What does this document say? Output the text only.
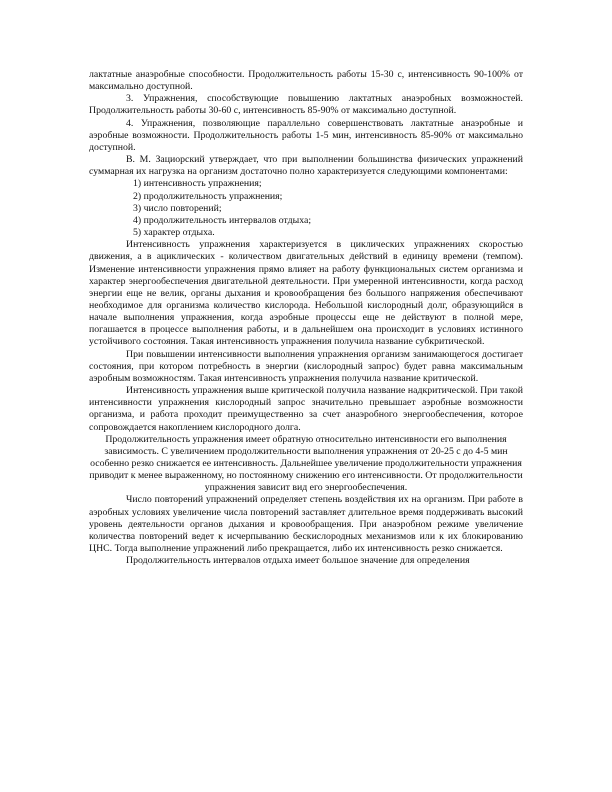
лактатные анаэробные способности. Продолжительность работы 15-30 с, интенсивность 90-100% от максимально доступной.

3. Упражнения, способствующие повышению лактатных анаэробных возможностей. Продолжительность работы 30-60 с, интенсивность 85-90% от максимально доступной.

4. Упражнения, позволяющие параллельно совершенствовать лактатные анаэробные и аэробные возможности. Продолжительность работы 1-5 мин, интенсивность 85-90% от максимально доступной.

В. М. Зациорский утверждает, что при выполнении большинства физических упражнений суммарная их нагрузка на организм достаточно полно характеризуется следующими компонентами:

1) интенсивность упражнения;

2) продолжительность упражнения;

3) число повторений;

4) продолжительность интервалов отдыха;

5) характер отдыха.

Интенсивность упражнения характеризуется в циклических упражнениях скоростью движения, а в ациклических - количеством двигательных действий в единицу времени (темпом). Изменение интенсивности упражнения прямо влияет на работу функциональных систем организма и характер энергообеспечения двигательной деятельности. При умеренной интенсивности, когда расход энергии еще не велик, органы дыхания и кровообращения без большого напряжения обеспечивают необходимое для организма количество кислорода. Небольшой кислородный долг, образующийся в начале выполнения упражнения, когда аэробные процессы еще не действуют в полной мере, погашается в процессе выполнения работы, и в дальнейшем она происходит в условиях истинного устойчивого состояния. Такая интенсивность упражнения получила название субкритической.

При повышении интенсивности выполнения упражнения организм занимающегося достигает состояния, при котором потребность в энергии (кислородный запрос) будет равна максимальным аэробным возможностям. Такая интенсивность упражнения получила название критической.

Интенсивность упражнения выше критической получила название надкритической. При такой интенсивности упражнения кислородный запрос значительно превышает аэробные возможности организма, и работа проходит преимущественно за счет анаэробного энергообеспечения, которое сопровождается накоплением кислородного долга.

Продолжительность упражнения имеет обратную относительно интенсивности его выполнения зависимость. С увеличением продолжительности выполнения упражнения от 20-25 с до 4-5 мин особенно резко снижается ее интенсивность. Дальнейшее увеличение продолжительности упражнения приводит к менее выраженному, но постоянному снижению его интенсивности. От продолжительности упражнения зависит вид его энергообеспечения.

Число повторений упражнений определяет степень воздействия их на организм. При работе в аэробных условиях увеличение числа повторений заставляет длительное время поддерживать высокий уровень деятельности органов дыхания и кровообращения. При анаэробном режиме увеличение количества повторений ведет к исчерпыванию бескислородных механизмов или к их блокированию ЦНС. Тогда выполнение упражнений либо прекращается, либо их интенсивность резко снижается.

Продолжительность интервалов отдыха имеет большое значение для определения
